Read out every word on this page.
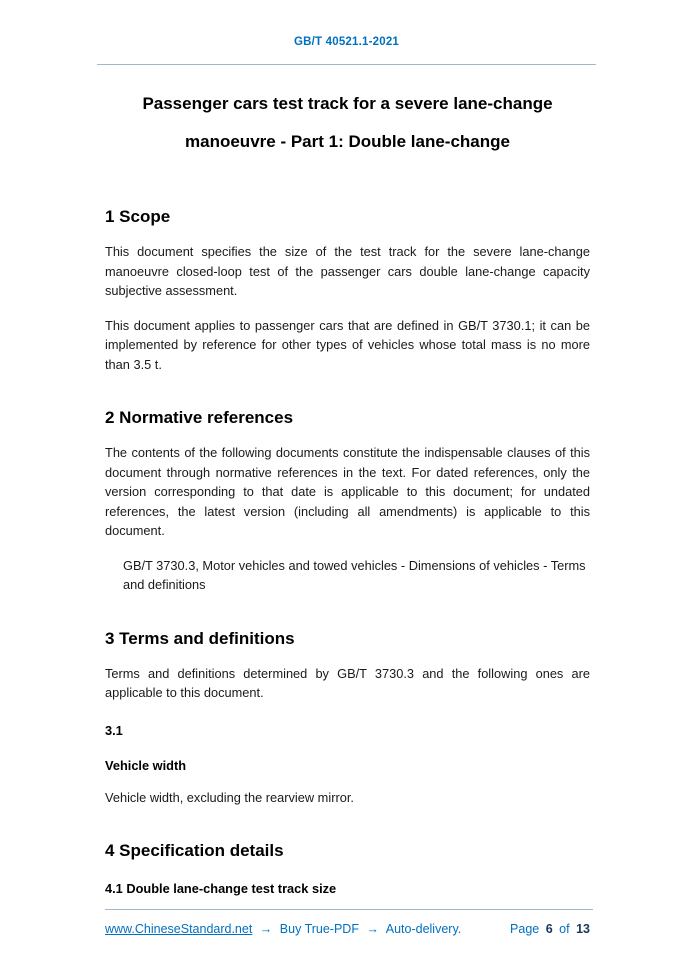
GB/T 40521.1-2021
Passenger cars test track for a severe lane-change
manoeuvre - Part 1: Double lane-change
1 Scope

This document specifies the size of the test track for the severe lane-change manoeuvre closed-loop test of the passenger cars double lane-change capacity subjective assessment.

This document applies to passenger cars that are defined in GB/T 3730.1; it can be implemented by reference for other types of vehicles whose total mass is no more than 3.5 t.

2 Normative references

The contents of the following documents constitute the indispensable clauses of this document through normative references in the text. For dated references, only the version corresponding to that date is applicable to this document; for undated references, the latest version (including all amendments) is applicable to this document.

GB/T 3730.3, Motor vehicles and towed vehicles - Dimensions of vehicles - Terms and definitions

3 Terms and definitions

Terms and definitions determined by GB/T 3730.3 and the following ones are applicable to this document.

3.1
Vehicle width

Vehicle width, excluding the rearview mirror.

4 Specification details
4.1 Double lane-change test track size
www.ChineseStandard.net → Buy True-PDF → Auto-delivery.	Page 6 of 13
